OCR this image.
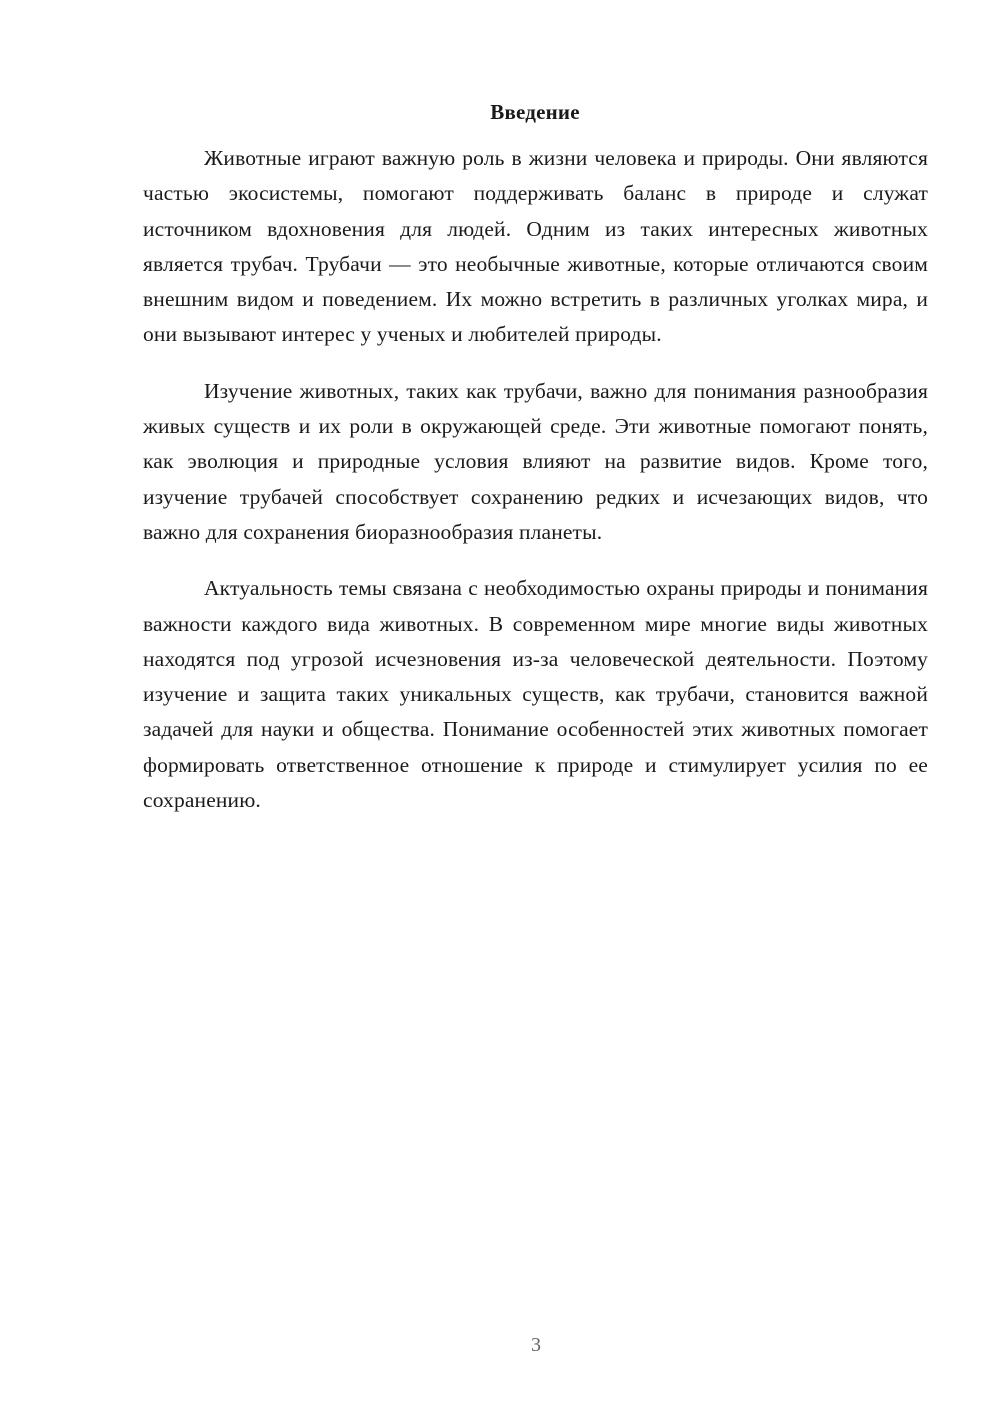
Введение

Животные играют важную роль в жизни человека и природы. Они являются частью экосистемы, помогают поддерживать баланс в природе и служат источником вдохновения для людей. Одним из таких интересных животных является трубач. Трубачи — это необычные животные, которые отличаются своим внешним видом и поведением. Их можно встретить в различных уголках мира, и они вызывают интерес у ученых и любителей природы.

Изучение животных, таких как трубачи, важно для понимания разнообразия живых существ и их роли в окружающей среде. Эти животные помогают понять, как эволюция и природные условия влияют на развитие видов. Кроме того, изучение трубачей способствует сохранению редких и исчезающих видов, что важно для сохранения биоразнообразия планеты.

Актуальность темы связана с необходимостью охраны природы и понимания важности каждого вида животных. В современном мире многие виды животных находятся под угрозой исчезновения из-за человеческой деятельности. Поэтому изучение и защита таких уникальных существ, как трубачи, становится важной задачей для науки и общества. Понимание особенностей этих животных помогает формировать ответственное отношение к природе и стимулирует усилия по ее сохранению.

3
